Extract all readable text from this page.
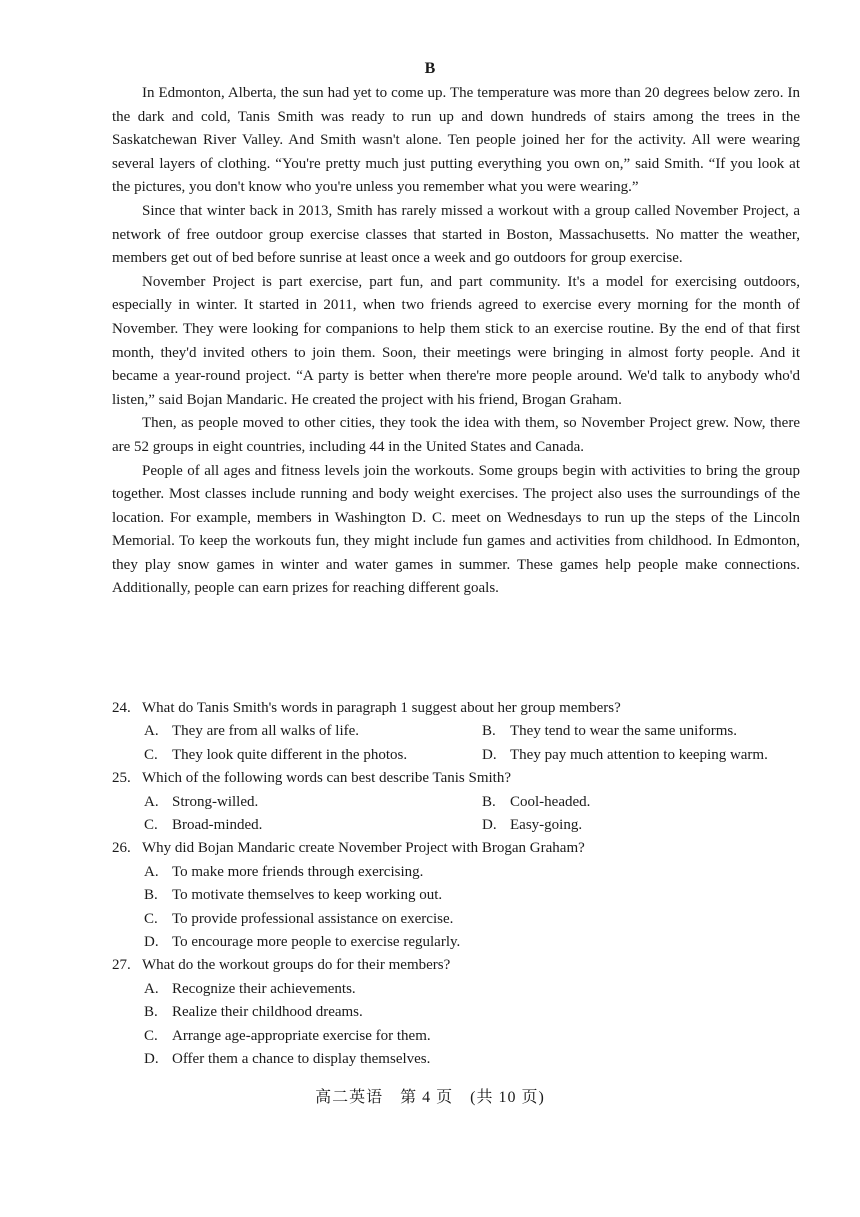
B

In Edmonton, Alberta, the sun had yet to come up. The temperature was more than 20 degrees below zero. In the dark and cold, Tanis Smith was ready to run up and down hundreds of stairs among the trees in the Saskatchewan River Valley. And Smith wasn't alone. Ten people joined her for the activity. All were wearing several layers of clothing. “You're pretty much just putting everything you own on,” said Smith. “If you look at the pictures, you don't know who you're unless you remember what you were wearing.”

Since that winter back in 2013, Smith has rarely missed a workout with a group called November Project, a network of free outdoor group exercise classes that started in Boston, Massachusetts. No matter the weather, members get out of bed before sunrise at least once a week and go outdoors for group exercise.

November Project is part exercise, part fun, and part community. It's a model for exercising outdoors, especially in winter. It started in 2011, when two friends agreed to exercise every morning for the month of November. They were looking for companions to help them stick to an exercise routine. By the end of that first month, they'd invited others to join them. Soon, their meetings were bringing in almost forty people. And it became a year-round project. “A party is better when there're more people around. We'd talk to anybody who'd listen,” said Bojan Mandaric. He created the project with his friend, Brogan Graham.

Then, as people moved to other cities, they took the idea with them, so November Project grew. Now, there are 52 groups in eight countries, including 44 in the United States and Canada.

People of all ages and fitness levels join the workouts. Some groups begin with activities to bring the group together. Most classes include running and body weight exercises. The project also uses the surroundings of the location. For example, members in Washington D. C. meet on Wednesdays to run up the steps of the Lincoln Memorial. To keep the workouts fun, they might include fun games and activities from childhood. In Edmonton, they play snow games in winter and water games in summer. These games help people make connections. Additionally, people can earn prizes for reaching different goals.

24. What do Tanis Smith's words in paragraph 1 suggest about her group members?
A. They are from all walks of life.	B. They tend to wear the same uniforms.
C. They look quite different in the photos.	D. They pay much attention to keeping warm.
25. Which of the following words can best describe Tanis Smith?
A. Strong-willed.	B. Cool-headed.
C. Broad-minded.	D. Easy-going.
26. Why did Bojan Mandaric create November Project with Brogan Graham?
A. To make more friends through exercising.
B. To motivate themselves to keep working out.
C. To provide professional assistance on exercise.
D. To encourage more people to exercise regularly.
27. What do the workout groups do for their members?
A. Recognize their achievements.
B. Realize their childhood dreams.
C. Arrange age-appropriate exercise for them.
D. Offer them a chance to display themselves.
高二英语　第 4 页　(共 10 页)
